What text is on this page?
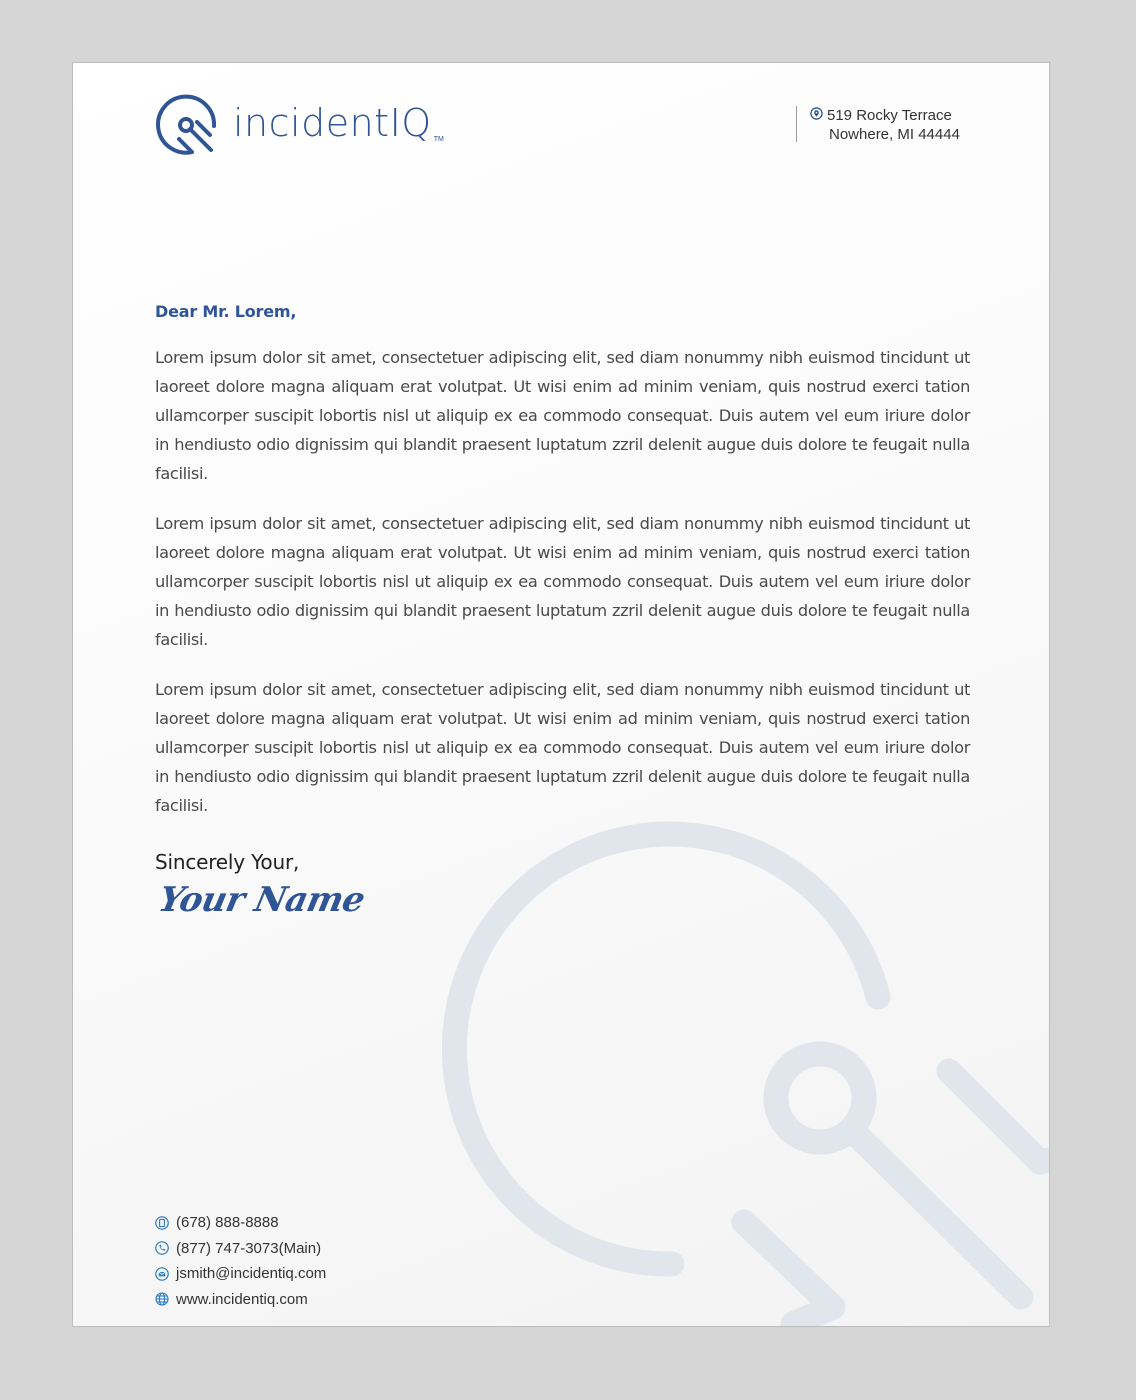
incidentIQ TM
519 Rocky Terrace
Nowhere, MI 44444

Dear Mr. Lorem,

Lorem ipsum dolor sit amet, consectetuer adipiscing elit, sed diam nonummy nibh euismod tincidunt ut laoreet dolore magna aliquam erat volutpat. Ut wisi enim ad minim veniam, quis nostrud exerci tation ullamcorper suscipit lobortis nisl ut aliquip ex ea commodo consequat. Duis autem vel eum iriure dolor in hendiusto odio dignissim qui blandit praesent luptatum zzril delenit augue duis dolore te feugait nulla facilisi.

Lorem ipsum dolor sit amet, consectetuer adipiscing elit, sed diam nonummy nibh euismod tincidunt ut laoreet dolore magna aliquam erat volutpat. Ut wisi enim ad minim veniam, quis nostrud exerci tation ullamcorper suscipit lobortis nisl ut aliquip ex ea commodo consequat. Duis autem vel eum iriure dolor in hendiusto odio dignissim qui blandit praesent luptatum zzril delenit augue duis dolore te feugait nulla facilisi.

Lorem ipsum dolor sit amet, consectetuer adipiscing elit, sed diam nonummy nibh euismod tincidunt ut laoreet dolore magna aliquam erat volutpat. Ut wisi enim ad minim veniam, quis nostrud exerci tation ullamcorper suscipit lobortis nisl ut aliquip ex ea commodo consequat. Duis autem vel eum iriure dolor in hendiusto odio dignissim qui blandit praesent luptatum zzril delenit augue duis dolore te feugait nulla facilisi.

Sincerely Your,
Your Name
(678) 888-8888
(877) 747-3073(Main)
jsmith@incidentiq.com
www.incidentiq.com
